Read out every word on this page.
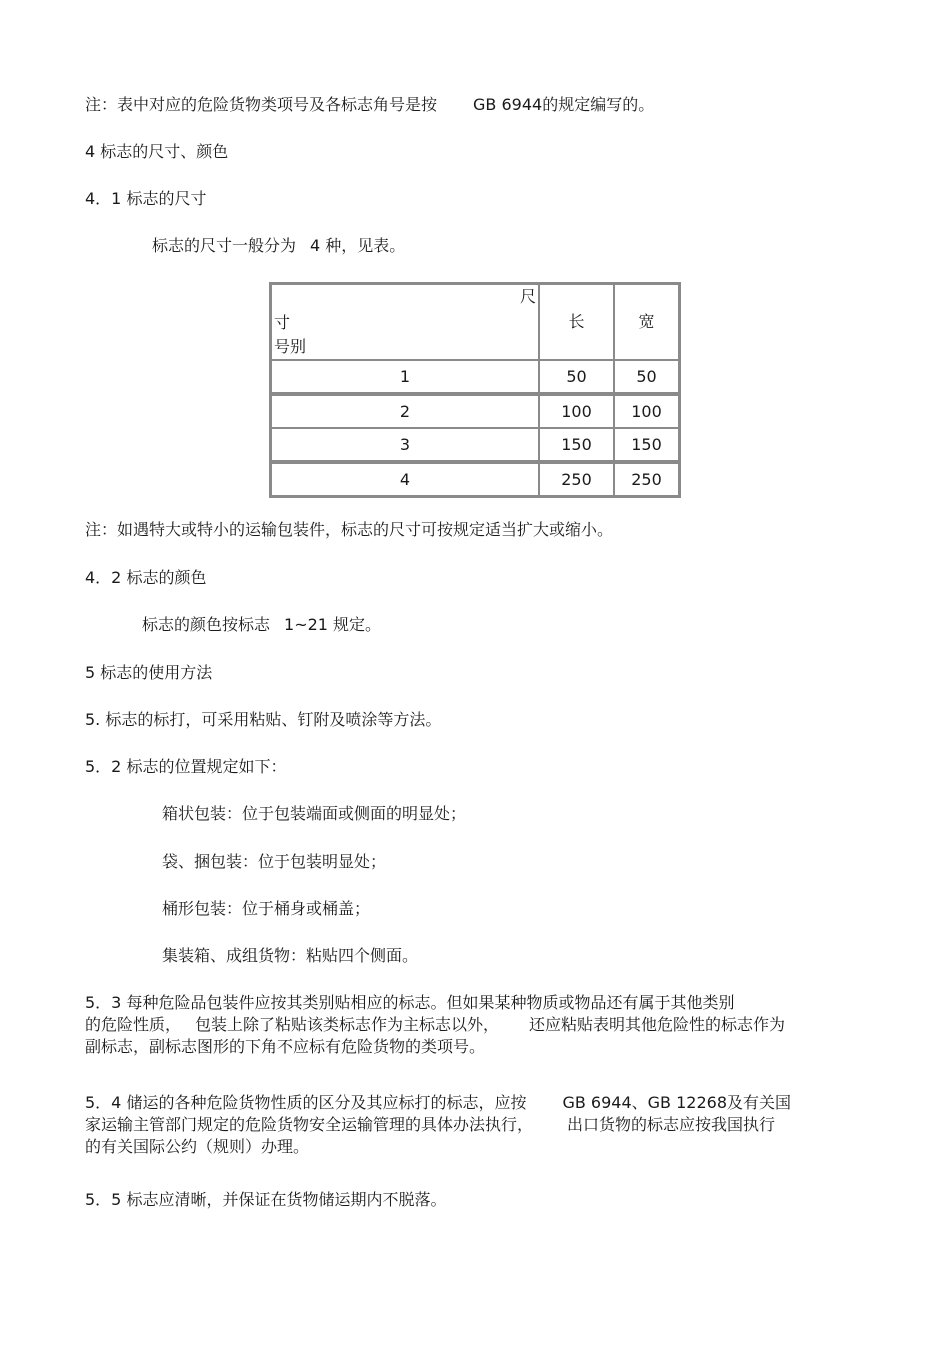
注：表中对应的危险货物类项号及各标志角号是按 GB 6944的规定编写的。
4 标志的尺寸、颜色
4．1 标志的尺寸
标志的尺寸一般分为 4 种，见表。
尺
寸
号别	长	宽
1	50	50
2	100	100
3	150	150
4	250	250
注：如遇特大或特小的运输包装件，标志的尺寸可按规定适当扩大或缩小。
4．2 标志的颜色
标志的颜色按标志 1~21 规定。
5 标志的使用方法
5. 标志的标打，可采用粘贴、钉附及喷涂等方法。
5．2 标志的位置规定如下：
箱状包装：位于包装端面或侧面的明显处；
袋、捆包装：位于包装明显处；
桶形包装：位于桶身或桶盖；
集装箱、成组货物：粘贴四个侧面。
5．3 每种危险品包装件应按其类别贴相应的标志。但如果某种物质或物品还有属于其他类别
的危险性质， 包装上除了粘贴该类标志作为主标志以外， 还应粘贴表明其他危险性的标志作为
副标志，副标志图形的下角不应标有危险货物的类项号。
5．4 储运的各种危险货物性质的区分及其应标打的标志，应按 GB 6944、GB 12268及有关国
家运输主管部门规定的危险货物安全运输管理的具体办法执行， 出口货物的标志应按我国执行
的有关国际公约（规则）办理。
5．5 标志应清晰，并保证在货物储运期内不脱落。
